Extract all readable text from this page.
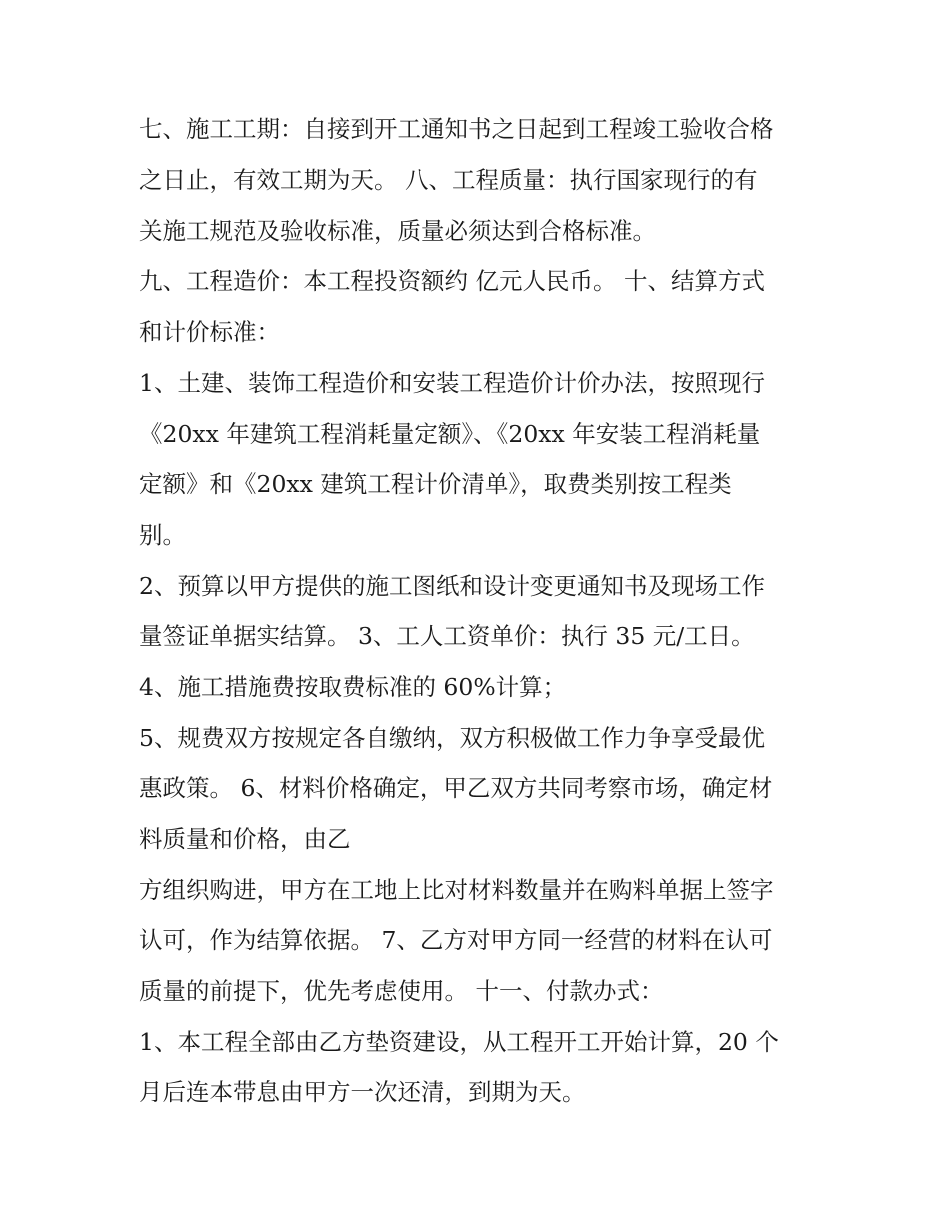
七、施工工期：自接到开工通知书之日起到工程竣工验收合格

之日止，有效工期为天。 八、工程质量：执行国家现行的有

关施工规范及验收标准，质量必须达到合格标准。

九、工程造价：本工程投资额约 亿元人民币。 十、结算方式

和计价标准：

1、土建、装饰工程造价和安装工程造价计价办法，按照现行

《20xx 年建筑工程消耗量定额》、《20xx 年安装工程消耗量

定额》和《20xx 建筑工程计价清单》，取费类别按工程类

别。

2、预算以甲方提供的施工图纸和设计变更通知书及现场工作

量签证单据实结算。 3、工人工资单价：执行 35 元/工日。

4、施工措施费按取费标准的 60%计算；

5、规费双方按规定各自缴纳，双方积极做工作力争享受最优

惠政策。 6、材料价格确定，甲乙双方共同考察市场，确定材

料质量和价格，由乙

方组织购进，甲方在工地上比对材料数量并在购料单据上签字

认可，作为结算依据。 7、乙方对甲方同一经营的材料在认可

质量的前提下，优先考虑使用。 十一、付款办式：

1、本工程全部由乙方垫资建设，从工程开工开始计算，20 个

月后连本带息由甲方一次还清，到期为天。
